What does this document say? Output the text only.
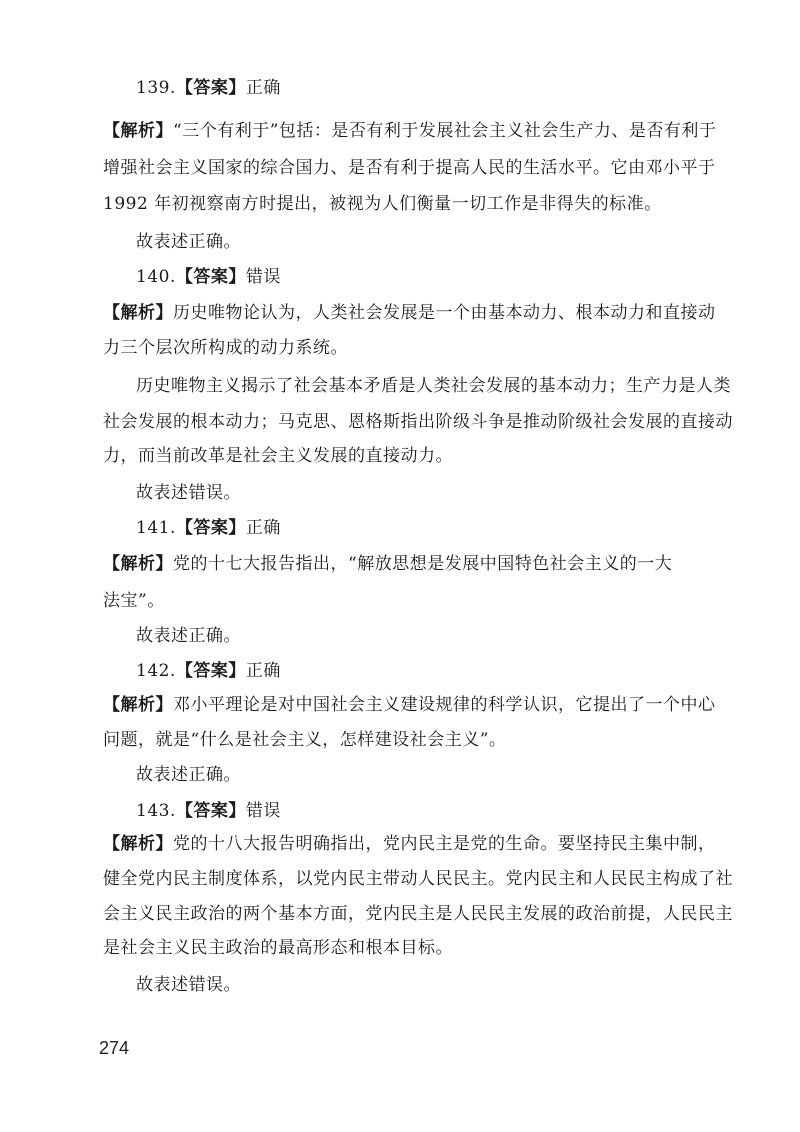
139.【答案】正确
【解析】“三个有利于”包括：是否有利于发展社会主义社会生产力、是否有利于
增强社会主义国家的综合国力、是否有利于提高人民的生活水平。它由邓小平于
1992 年初视察南方时提出，被视为人们衡量一切工作是非得失的标准。
故表述正确。
140.【答案】错误
【解析】历史唯物论认为，人类社会发展是一个由基本动力、根本动力和直接动
力三个层次所构成的动力系统。
历史唯物主义揭示了社会基本矛盾是人类社会发展的基本动力；生产力是人类
社会发展的根本动力；马克思、恩格斯指出阶级斗争是推动阶级社会发展的直接动
力，而当前改革是社会主义发展的直接动力。
故表述错误。
141.【答案】正确
【解析】党的十七大报告指出，“解放思想是发展中国特色社会主义的一大
法宝”。
故表述正确。
142.【答案】正确
【解析】邓小平理论是对中国社会主义建设规律的科学认识，它提出了一个中心
问题，就是“什么是社会主义，怎样建设社会主义”。
故表述正确。
143.【答案】错误
【解析】党的十八大报告明确指出，党内民主是党的生命。要坚持民主集中制，
健全党内民主制度体系，以党内民主带动人民民主。党内民主和人民民主构成了社
会主义民主政治的两个基本方面，党内民主是人民民主发展的政治前提，人民民主
是社会主义民主政治的最高形态和根本目标。
故表述错误。
274
